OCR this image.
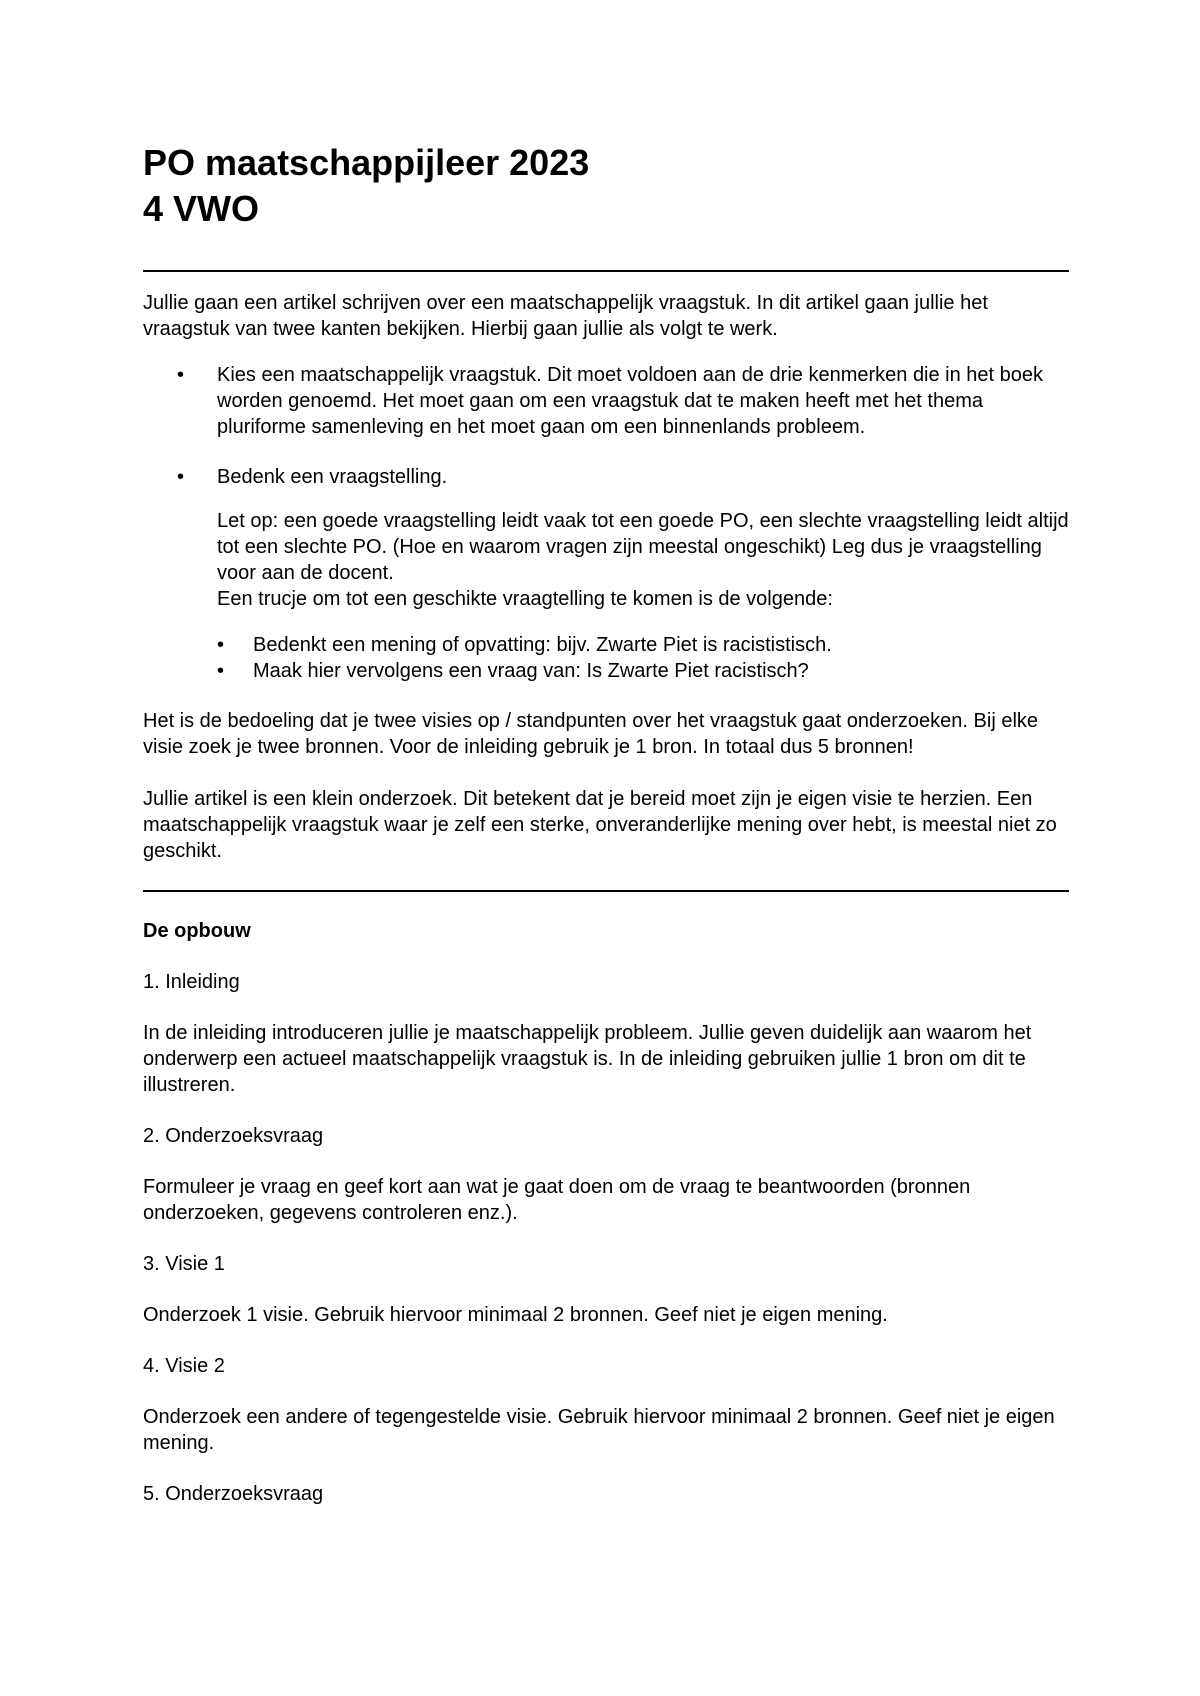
PO maatschappijleer 2023
4 VWO

Jullie gaan een artikel schrijven over een maatschappelijk vraagstuk. In dit artikel gaan jullie het vraagstuk van twee kanten bekijken. Hierbij gaan jullie als volgt te werk.

• Kies een maatschappelijk vraagstuk. Dit moet voldoen aan de drie kenmerken die in het boek worden genoemd. Het moet gaan om een vraagstuk dat te maken heeft met het thema pluriforme samenleving en het moet gaan om een binnenlands probleem.

• Bedenk een vraagstelling.

Let op: een goede vraagstelling leidt vaak tot een goede PO, een slechte vraagstelling leidt altijd tot een slechte PO. (Hoe en waarom vragen zijn meestal ongeschikt) Leg dus je vraagstelling voor aan de docent.
Een trucje om tot een geschikte vraagtelling te komen is de volgende:

• Bedenkt een mening of opvatting: bijv. Zwarte Piet is racististisch.

• Maak hier vervolgens een vraag van: Is Zwarte Piet racistisch?

Het is de bedoeling dat je twee visies op / standpunten over het vraagstuk gaat onderzoeken. Bij elke visie zoek je twee bronnen. Voor de inleiding gebruik je 1 bron. In totaal dus 5 bronnen!

Jullie artikel is een klein onderzoek. Dit betekent dat je bereid moet zijn je eigen visie te herzien. Een maatschappelijk vraagstuk waar je zelf een sterke, onveranderlijke mening over hebt, is meestal niet zo geschikt.

De opbouw

1. Inleiding

In de inleiding introduceren jullie je maatschappelijk probleem. Jullie geven duidelijk aan waarom het onderwerp een actueel maatschappelijk vraagstuk is. In de inleiding gebruiken jullie 1 bron om dit te illustreren.

2. Onderzoeksvraag

Formuleer je vraag en geef kort aan wat je gaat doen om de vraag te beantwoorden (bronnen onderzoeken, gegevens controleren enz.).

3. Visie 1

Onderzoek 1 visie. Gebruik hiervoor minimaal 2 bronnen. Geef niet je eigen mening.

4. Visie 2

Onderzoek een andere of tegengestelde visie. Gebruik hiervoor minimaal 2 bronnen. Geef niet je eigen mening.

5. Onderzoeksvraag
